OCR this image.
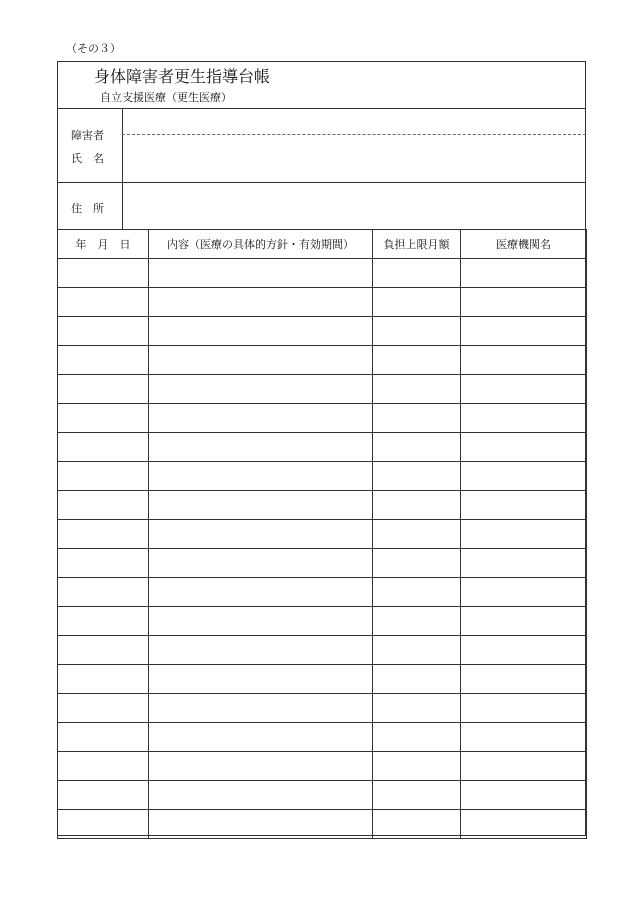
（その３）
身体障害者更生指導台帳
自立支援医療（更生医療）
障害者
氏　名
住　所
年　月　日	内容（医療の具体的方針・有効期間）	負担上限月額	医療機関名
